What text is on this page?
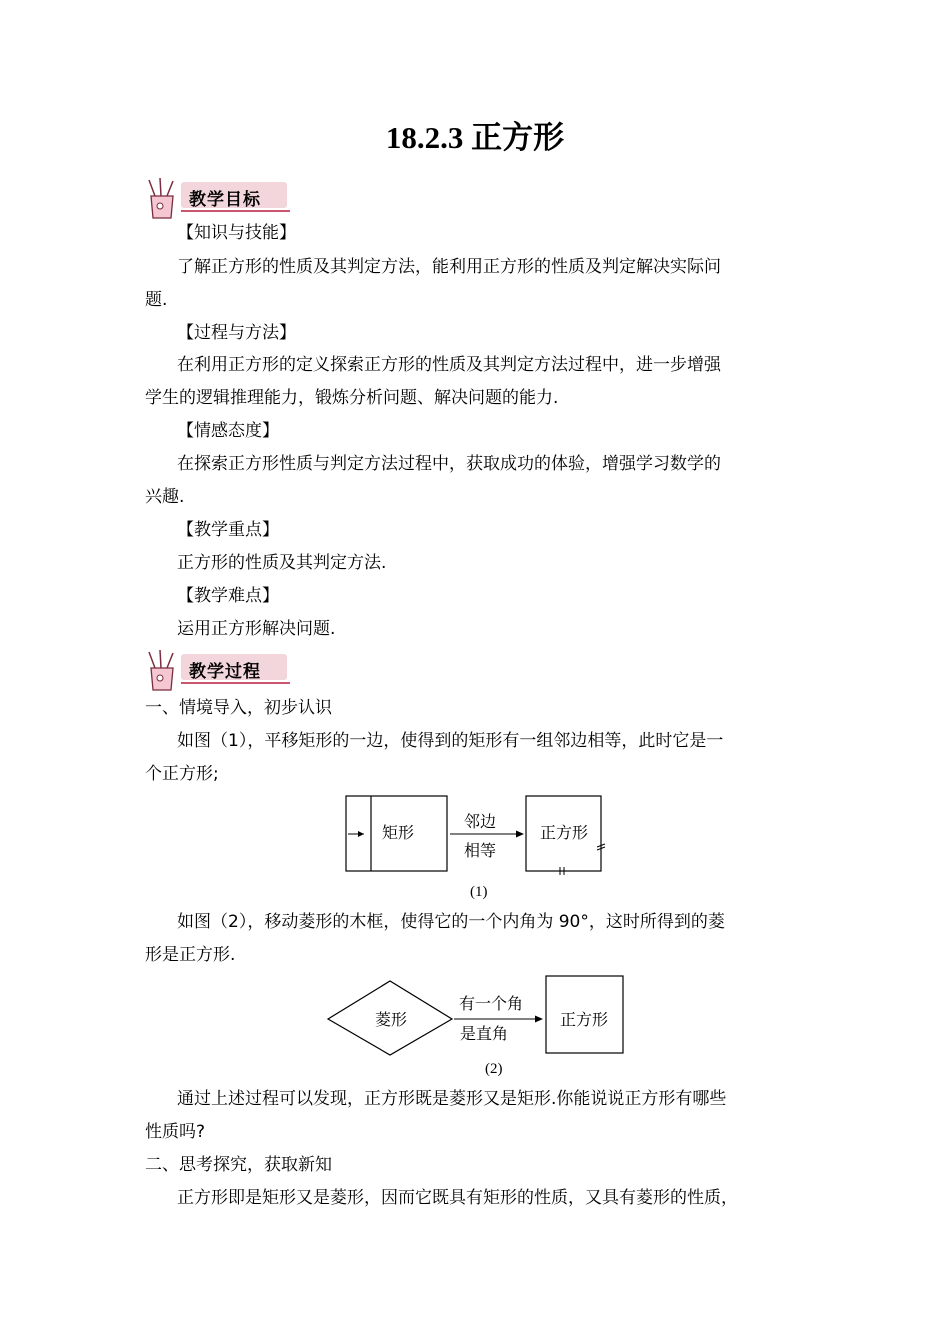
18.2.3 正方形
教学目标
【知识与技能】
了解正方形的性质及其判定方法，能利用正方形的性质及判定解决实际问
题.
【过程与方法】
在利用正方形的定义探索正方形的性质及其判定方法过程中，进一步增强
学生的逻辑推理能力，锻炼分析问题、解决问题的能力.
【情感态度】
在探索正方形性质与判定方法过程中，获取成功的体验，增强学习数学的
兴趣.
【教学重点】
正方形的性质及其判定方法.
【教学难点】
运用正方形解决问题.
教学过程
一、情境导入，初步认识
如图（1），平移矩形的一边，使得到的矩形有一组邻边相等，此时它是一
个正方形;
矩形
邻边
相等
正方形
(1)
如图（2），移动菱形的木框，使得它的一个内角为 90°，这时所得到的菱
形是正方形.
菱形
有一个角
是直角
正方形
(2)
通过上述过程可以发现，正方形既是菱形又是矩形.你能说说正方形有哪些
性质吗?
二、思考探究，获取新知
正方形即是矩形又是菱形，因而它既具有矩形的性质，又具有菱形的性质，
